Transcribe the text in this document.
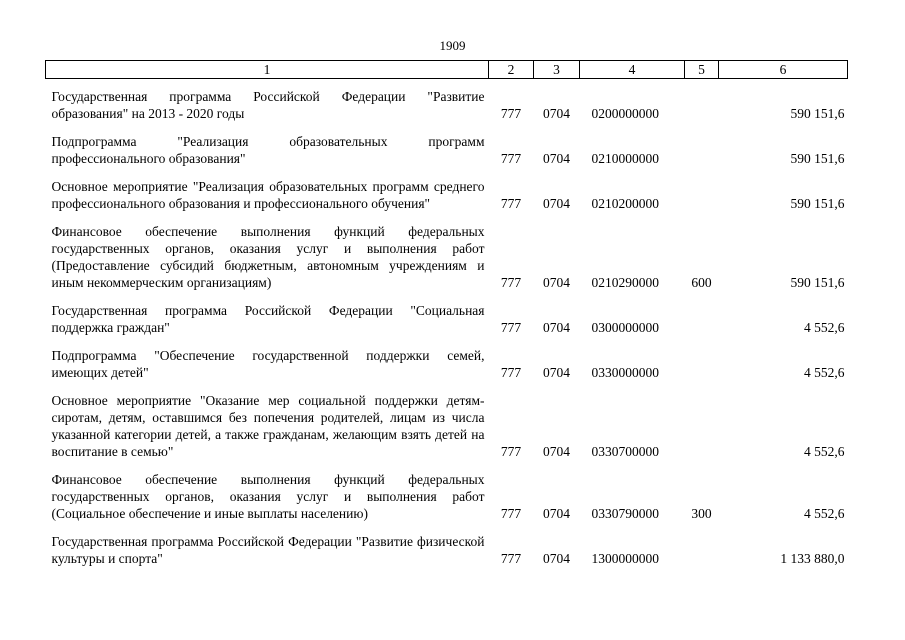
1909
1	2	3	4	5	6

Государственная программа Российской Федерации "Развитие образования" на 2013 - 2020 годы	777	0704	0200000000		590 151,6

Подпрограмма "Реализация образовательных программ профессионального образования"	777	0704	0210000000		590 151,6

Основное мероприятие "Реализация образовательных программ среднего профессионального образования и профессионального обучения"	777	0704	0210200000		590 151,6

Финансовое обеспечение выполнения функций федеральных государственных органов, оказания услуг и выполнения работ (Предоставление субсидий бюджетным, автономным учреждениям и иным некоммерческим организациям)	777	0704	0210290000	600	590 151,6

Государственная программа Российской Федерации "Социальная поддержка граждан"	777	0704	0300000000		4 552,6

Подпрограмма "Обеспечение государственной поддержки семей, имеющих детей"	777	0704	0330000000		4 552,6

Основное мероприятие "Оказание мер социальной поддержки детям-сиротам, детям, оставшимся без попечения родителей, лицам из числа указанной категории детей, а также гражданам, желающим взять детей на воспитание в семью"	777	0704	0330700000		4 552,6

Финансовое обеспечение выполнения функций федеральных государственных органов, оказания услуг и выполнения работ (Социальное обеспечение и иные выплаты населению)	777	0704	0330790000	300	4 552,6

Государственная программа Российской Федерации "Развитие физической культуры и спорта"	777	0704	1300000000		1 133 880,0
